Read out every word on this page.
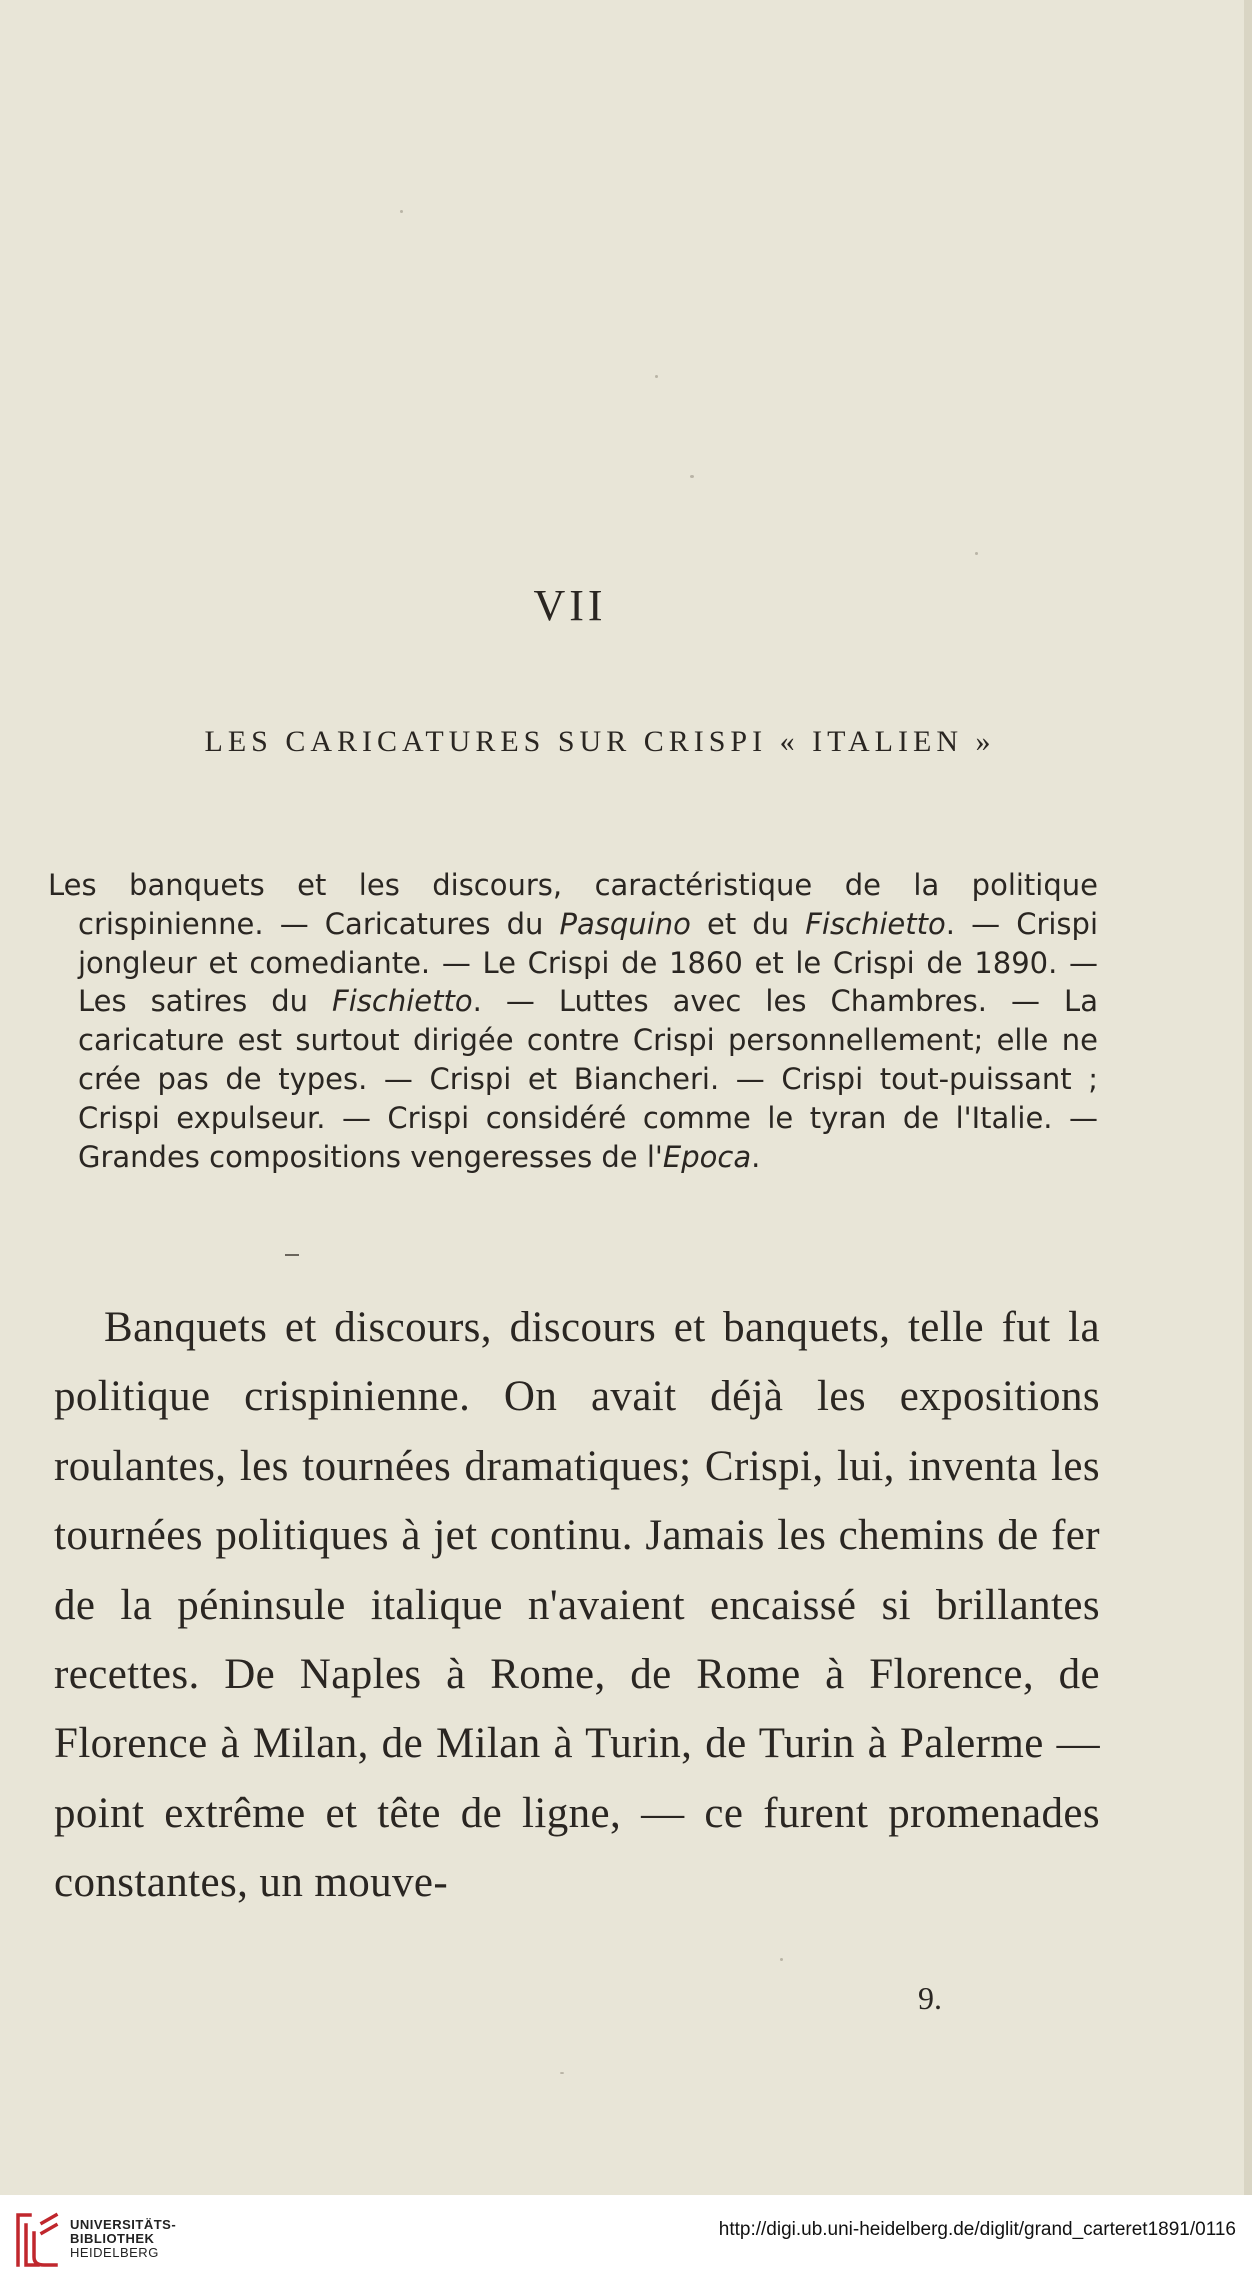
VII
LES CARICATURES SUR CRISPI « ITALIEN »
Les banquets et les discours, caractéristique de la politique crispinienne. — Caricatures du Pasquino et du Fischietto. — Crispi jongleur et comediante. — Le Crispi de 1860 et le Crispi de 1890. — Les satires du Fischietto. — Luttes avec les Chambres. — La caricature est surtout dirigée contre Crispi personnellement; elle ne crée pas de types. — Crispi et Biancheri. — Crispi tout-puissant ; Crispi expulseur. — Crispi considéré comme le tyran de l'Italie. — Grandes compositions vengeresses de l'Epoca.
Banquets et discours, discours et banquets, telle fut la politique crispinienne. On avait déjà les expositions roulantes, les tournées dramatiques; Crispi, lui, inventa les tournées politiques à jet continu. Jamais les chemins de fer de la péninsule italique n'avaient encaissé si brillantes recettes. De Naples à Rome, de Rome à Florence, de Florence à Milan, de Milan à Turin, de Turin à Palerme — point extrême et tête de ligne, — ce furent promenades constantes, un mouve-
9.
UNIVERSITÄTS-
BIBLIOTHEK
HEIDELBERG
http://digi.ub.uni-heidelberg.de/diglit/grand_carteret1891/0116
